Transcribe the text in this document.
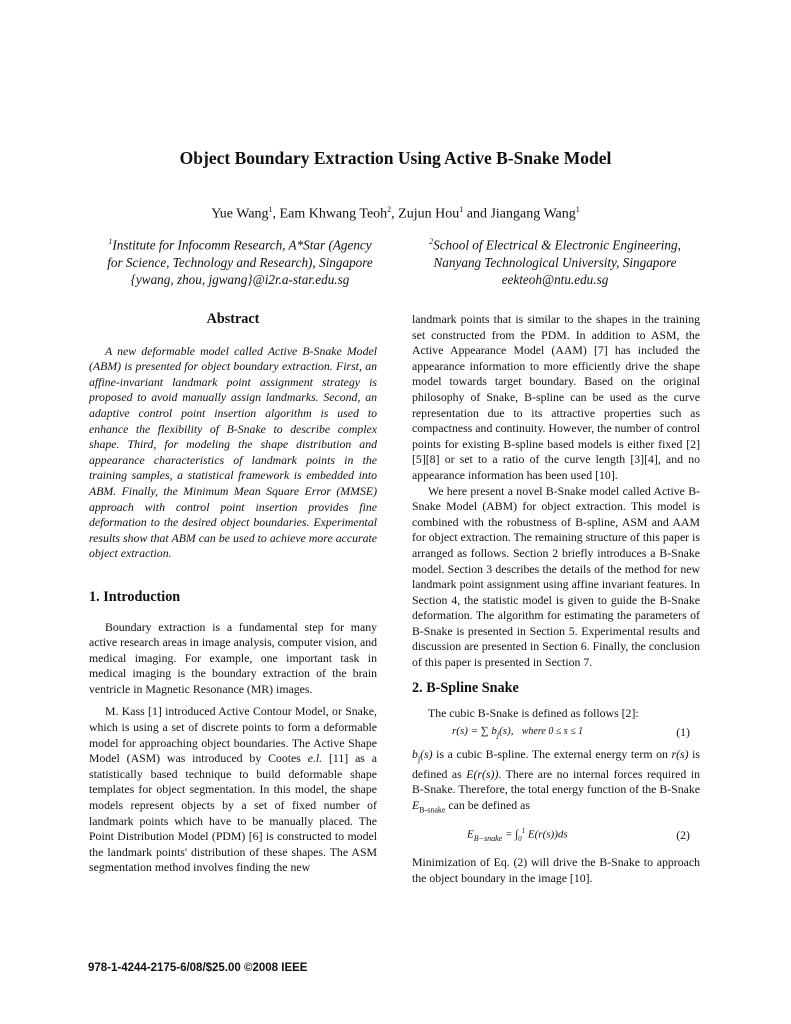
Object Boundary Extraction Using Active B-Snake Model
Yue Wang$^1$, Eam Khwang Teoh$^2$, Zujun Hou$^1$ and Jiangang Wang$^1$
$^1$Institute for Infocomm Research, A*Star (Agency
for Science, Technology and Research), Singapore
{ywang, zhou, jgwang}@i2r.a-star.edu.sg
$^2$School of Electrical & Electronic Engineering,
Nanyang Technological University, Singapore
eekteoh@ntu.edu.sg
Abstract

A new deformable model called Active B-Snake Model (ABM) is presented for object boundary extraction. First, an affine-invariant landmark point assignment strategy is proposed to avoid manually assign landmarks. Second, an adaptive control point insertion algorithm is used to enhance the flexibility of B-Snake to describe complex shape. Third, for modeling the shape distribution and appearance characteristics of landmark points in the training samples, a statistical framework is embedded into ABM. Finally, the Minimum Mean Square Error (MMSE) approach with control point insertion provides fine deformation to the desired object boundaries. Experimental results show that ABM can be used to achieve more accurate object extraction.

1. Introduction

Boundary extraction is a fundamental step for many active research areas in image analysis, computer vision, and medical imaging. For example, one important task in medical imaging is the boundary extraction of the brain ventricle in Magnetic Resonance (MR) images.

M. Kass [1] introduced Active Contour Model, or Snake, which is using a set of discrete points to form a deformable model for approaching object boundaries. The Active Shape Model (ASM) was introduced by Cootes e.l. [11] as a statistically based technique to build deformable shape templates for object segmentation. In this model, the shape models represent objects by a set of fixed number of landmark points which have to be manually placed. The Point Distribution Model (PDM) [6] is constructed to model the landmark points' distribution of these shapes. The ASM segmentation method involves finding the new

landmark points that is similar to the shapes in the training set constructed from the PDM. In addition to ASM, the Active Appearance Model (AAM) [7] has included the appearance information to more efficiently drive the shape model towards target boundary. Based on the original philosophy of Snake, B-spline can be used as the curve representation due to its attractive properties such as compactness and continuity. However, the number of control points for existing B-spline based models is either fixed [2][5][8] or set to a ratio of the curve length [3][4], and no appearance information has been used [10].

We here present a novel B-Snake model called Active B-Snake Model (ABM) for object extraction. This model is combined with the robustness of B-spline, ASM and AAM for object extraction. The remaining structure of this paper is arranged as follows. Section 2 briefly introduces a B-Snake model. Section 3 describes the details of the method for new landmark point assignment using affine invariant features. In Section 4, the statistic model is given to guide the B-Snake deformation. The algorithm for estimating the parameters of B-Snake is presented in Section 5. Experimental results and discussion are presented in Section 6. Finally, the conclusion of this paper is presented in Section 7.

2. B-Spline Snake

The cubic B-Snake is defined as follows [2]:

r(s) = ∑ $b_j(s)$, where 0 ≤ s ≤ 1	(1)

$b_j(s)$ is a cubic B-spline. The external energy term on r(s) is defined as E(r(s)). There are no internal forces required in B-Snake. Therefore, the total energy function of the B-Snake $E_{B-snake}$ can be defined as

$E_{B-snake} = \int_0^1$ E(r(s))ds	(2)

Minimization of Eq. (2) will drive the B-Snake to approach the object boundary in the image [10].

978-1-4244-2175-6/08/$25.00 ©2008 IEEE
